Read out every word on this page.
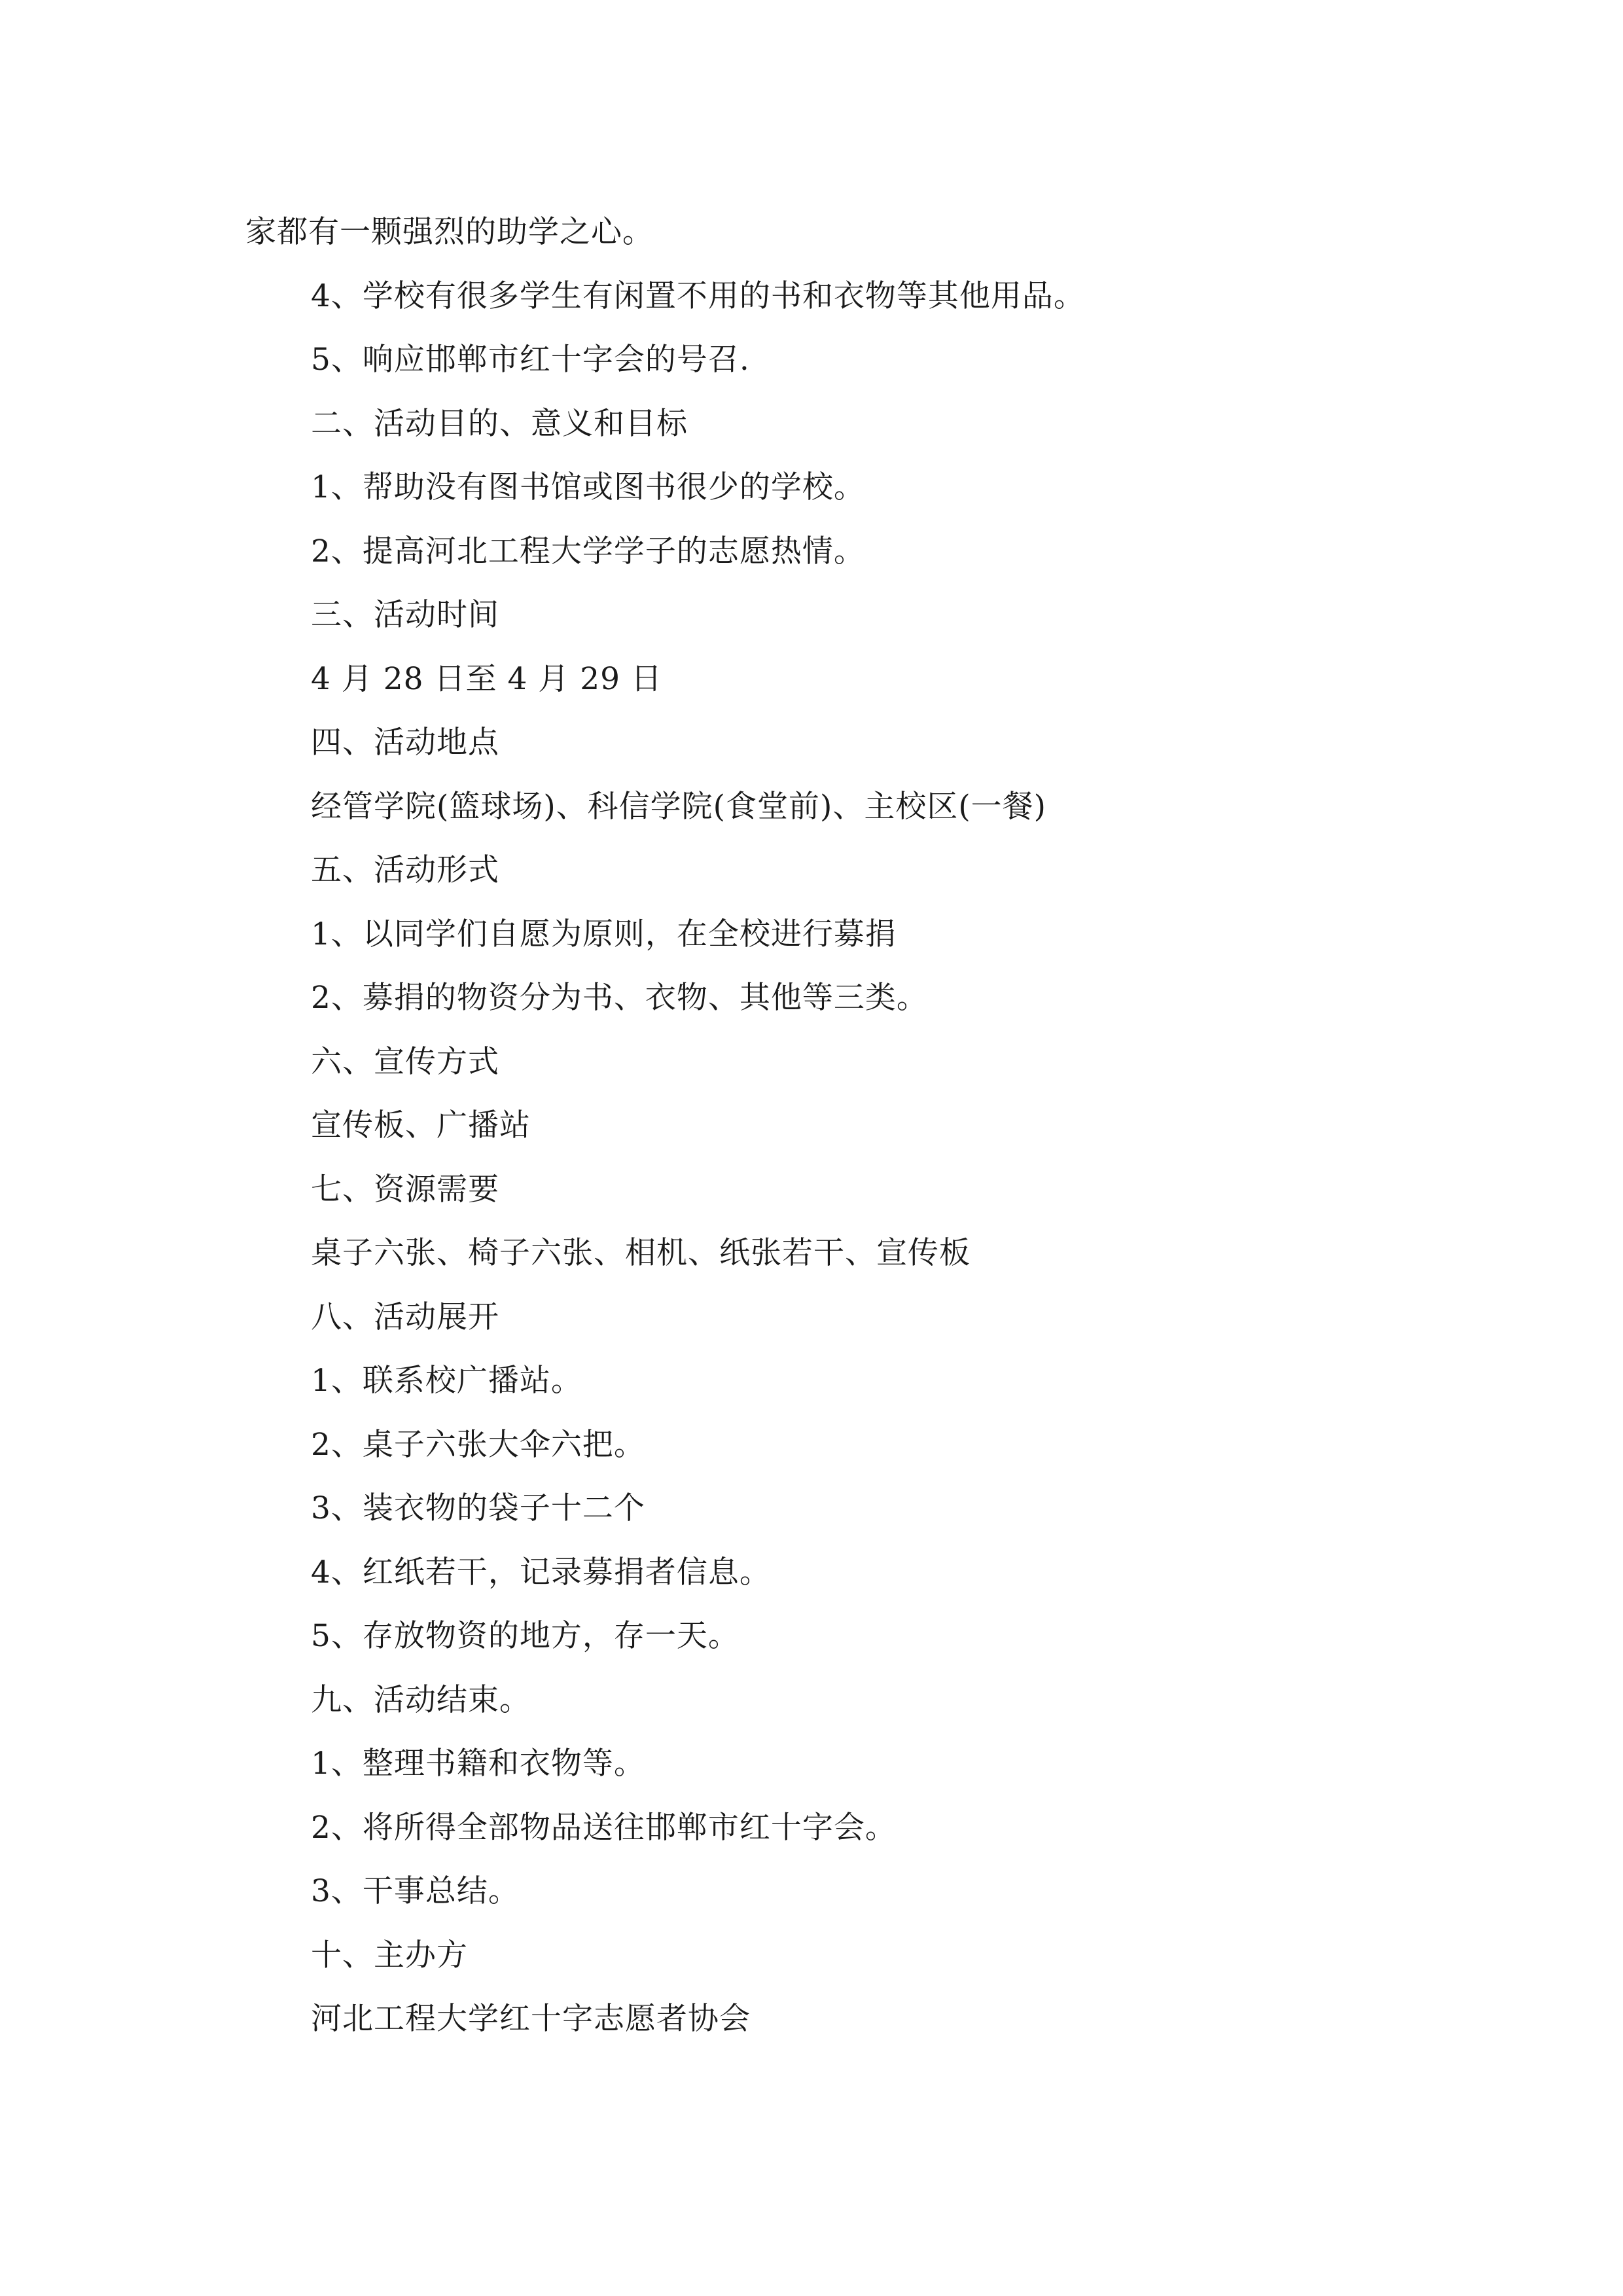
家都有一颗强烈的助学之心。
4、学校有很多学生有闲置不用的书和衣物等其他用品。
5、响应邯郸市红十字会的号召.
二、活动目的、意义和目标
1、帮助没有图书馆或图书很少的学校。
2、提高河北工程大学学子的志愿热情。
三、活动时间
4 月 28 日至 4 月 29 日
四、活动地点
经管学院(篮球场)、科信学院(食堂前)、主校区(一餐)
五、活动形式
1、以同学们自愿为原则，在全校进行募捐
2、募捐的物资分为书、衣物、其他等三类。
六、宣传方式
宣传板、广播站
七、资源需要
桌子六张、椅子六张、相机、纸张若干、宣传板
八、活动展开
1、联系校广播站。
2、桌子六张大伞六把。
3、装衣物的袋子十二个
4、红纸若干，记录募捐者信息。
5、存放物资的地方，存一天。
九、活动结束。
1、整理书籍和衣物等。
2、将所得全部物品送往邯郸市红十字会。
3、干事总结。
十、主办方
河北工程大学红十字志愿者协会
